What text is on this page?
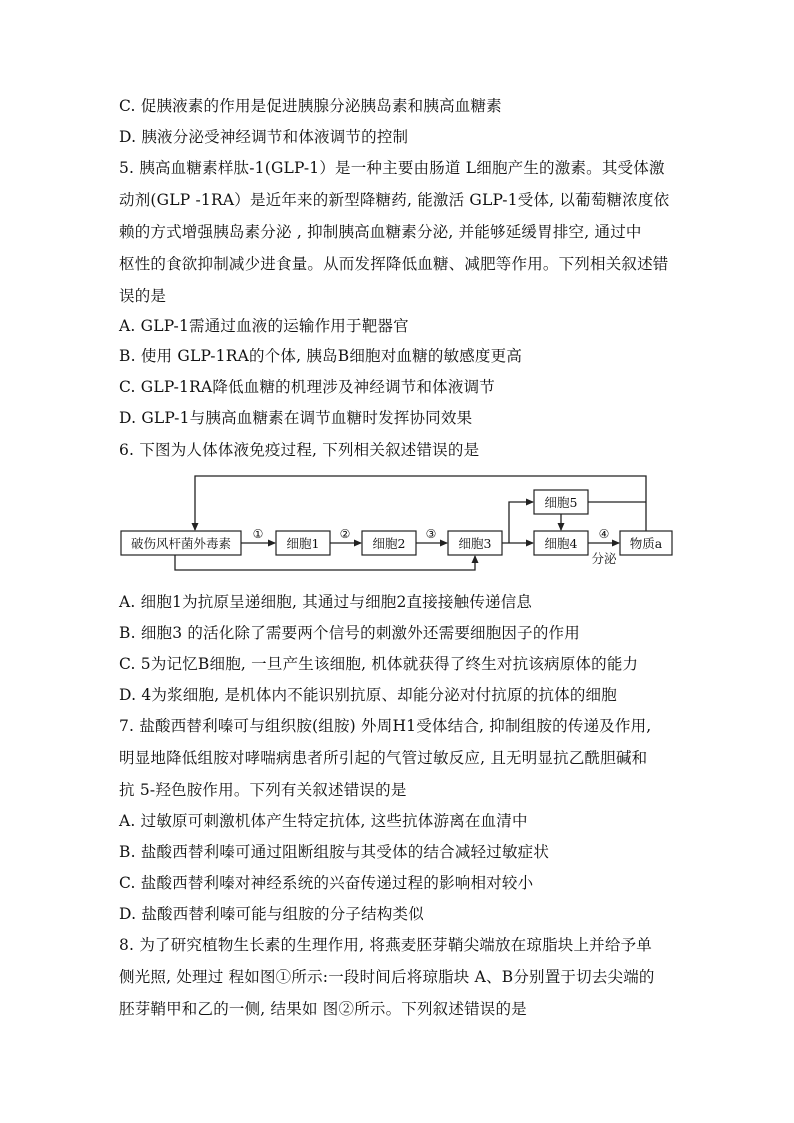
C. 促胰液素的作用是促进胰腺分泌胰岛素和胰高血糖素
D. 胰液分泌受神经调节和体液调节的控制
5. 胰高血糖素样肽-1(GLP-1）是一种主要由肠道 L细胞产生的激素。其受体激
动剂(GLP -1RA）是近年来的新型降糖药, 能激活 GLP-1受体, 以葡萄糖浓度依
赖的方式增强胰岛素分泌 , 抑制胰高血糖素分泌, 并能够延缓胃排空, 通过中
枢性的食欲抑制减少进食量。从而发挥降低血糖、减肥等作用。下列相关叙述错
误的是
A. GLP-1需通过血液的运输作用于靶器官
B. 使用 GLP-1RA的个体, 胰岛B细胞对血糖的敏感度更高
C. GLP-1RA降低血糖的机理涉及神经调节和体液调节
D. GLP-1与胰高血糖素在调节血糖时发挥协同效果
6. 下图为人体体液免疫过程, 下列相关叙述错误的是
破伤风杆菌外毒素	细胞1	细胞2	细胞3
细胞5
细胞4	物质a
①	②	③	④
分泌
A. 细胞1为抗原呈递细胞, 其通过与细胞2直接接触传递信息
B. 细胞3 的活化除了需要两个信号的刺激外还需要细胞因子的作用
C. 5为记忆B细胞, 一旦产生该细胞, 机体就获得了终生对抗该病原体的能力
D. 4为浆细胞, 是机体内不能识别抗原、却能分泌对付抗原的抗体的细胞
7. 盐酸西替利嗪可与组织胺(组胺) 外周H1受体结合, 抑制组胺的传递及作用,
明显地降低组胺对哮喘病患者所引起的气管过敏反应, 且无明显抗乙酰胆碱和
抗 5-羟色胺作用。下列有关叙述错误的是
A. 过敏原可刺激机体产生特定抗体, 这些抗体游离在血清中
B. 盐酸西替利嗪可通过阻断组胺与其受体的结合减轻过敏症状
C. 盐酸西替利嗪对神经系统的兴奋传递过程的影响相对较小
D. 盐酸西替利嗪可能与组胺的分子结构类似
8. 为了研究植物生长素的生理作用, 将燕麦胚芽鞘尖端放在琼脂块上并给予单
侧光照, 处理过 程如图①所示:一段时间后将琼脂块 A、B分别置于切去尖端的
胚芽鞘甲和乙的一侧, 结果如 图②所示。下列叙述错误的是
